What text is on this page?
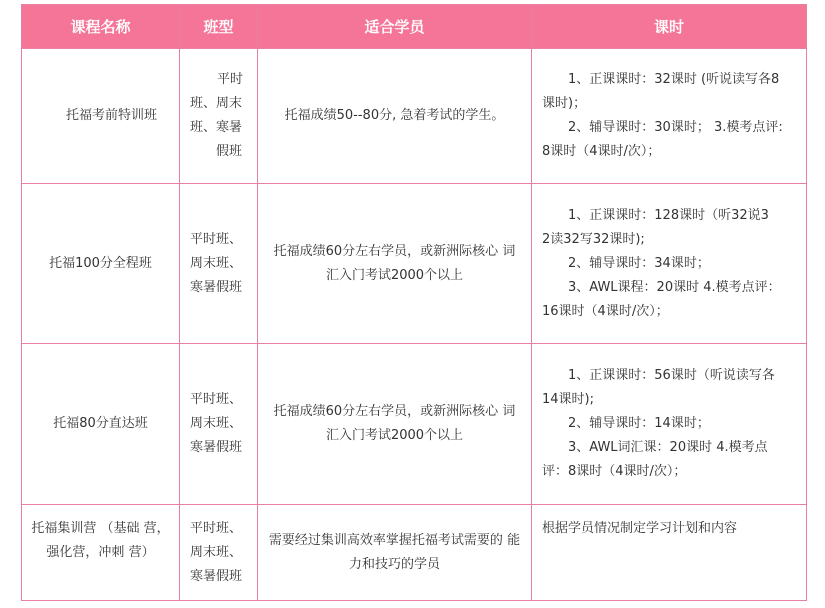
课程名称	班型	适合学员	课时
托福考前特训班	平时
班、周末
班、寒暑
假班	托福成绩50--80分, 急着考试的学生。	1、正课课时：32课时 (听说读写各8
课时)；
2、辅导课时：30课时； 3.模考点评:
8课时（4课时/次）；

托福100分全程班	平时班、 周末班、 寒暑假班	托福成绩60分左右学员，或新洲际核心 词汇入门考试2000个以上	1、正课课时：128课时（听32说3
2读32写32课时);
2、辅导课时：34课时；
3、AWL课程：20课时 4.模考点评：
16课时（4课时/次）；

托福80分直达班	平时班、 周末班、 寒暑假班	托福成绩60分左右学员，或新洲际核心 词汇入门考试2000个以上	1、正课课时：56课时（听说读写各
14课时);
2、辅导课时：14课时；
3、AWL词汇课：20课时 4.模考点
评：8课时（4课时/次）；

托福集训营 （基础 营，强化营，冲刺 营）	平时班、 周末班、 寒暑假班	需要经过集训高效率掌握托福考试需要的 能力和技巧的学员	根据学员情况制定学习计划和内容
